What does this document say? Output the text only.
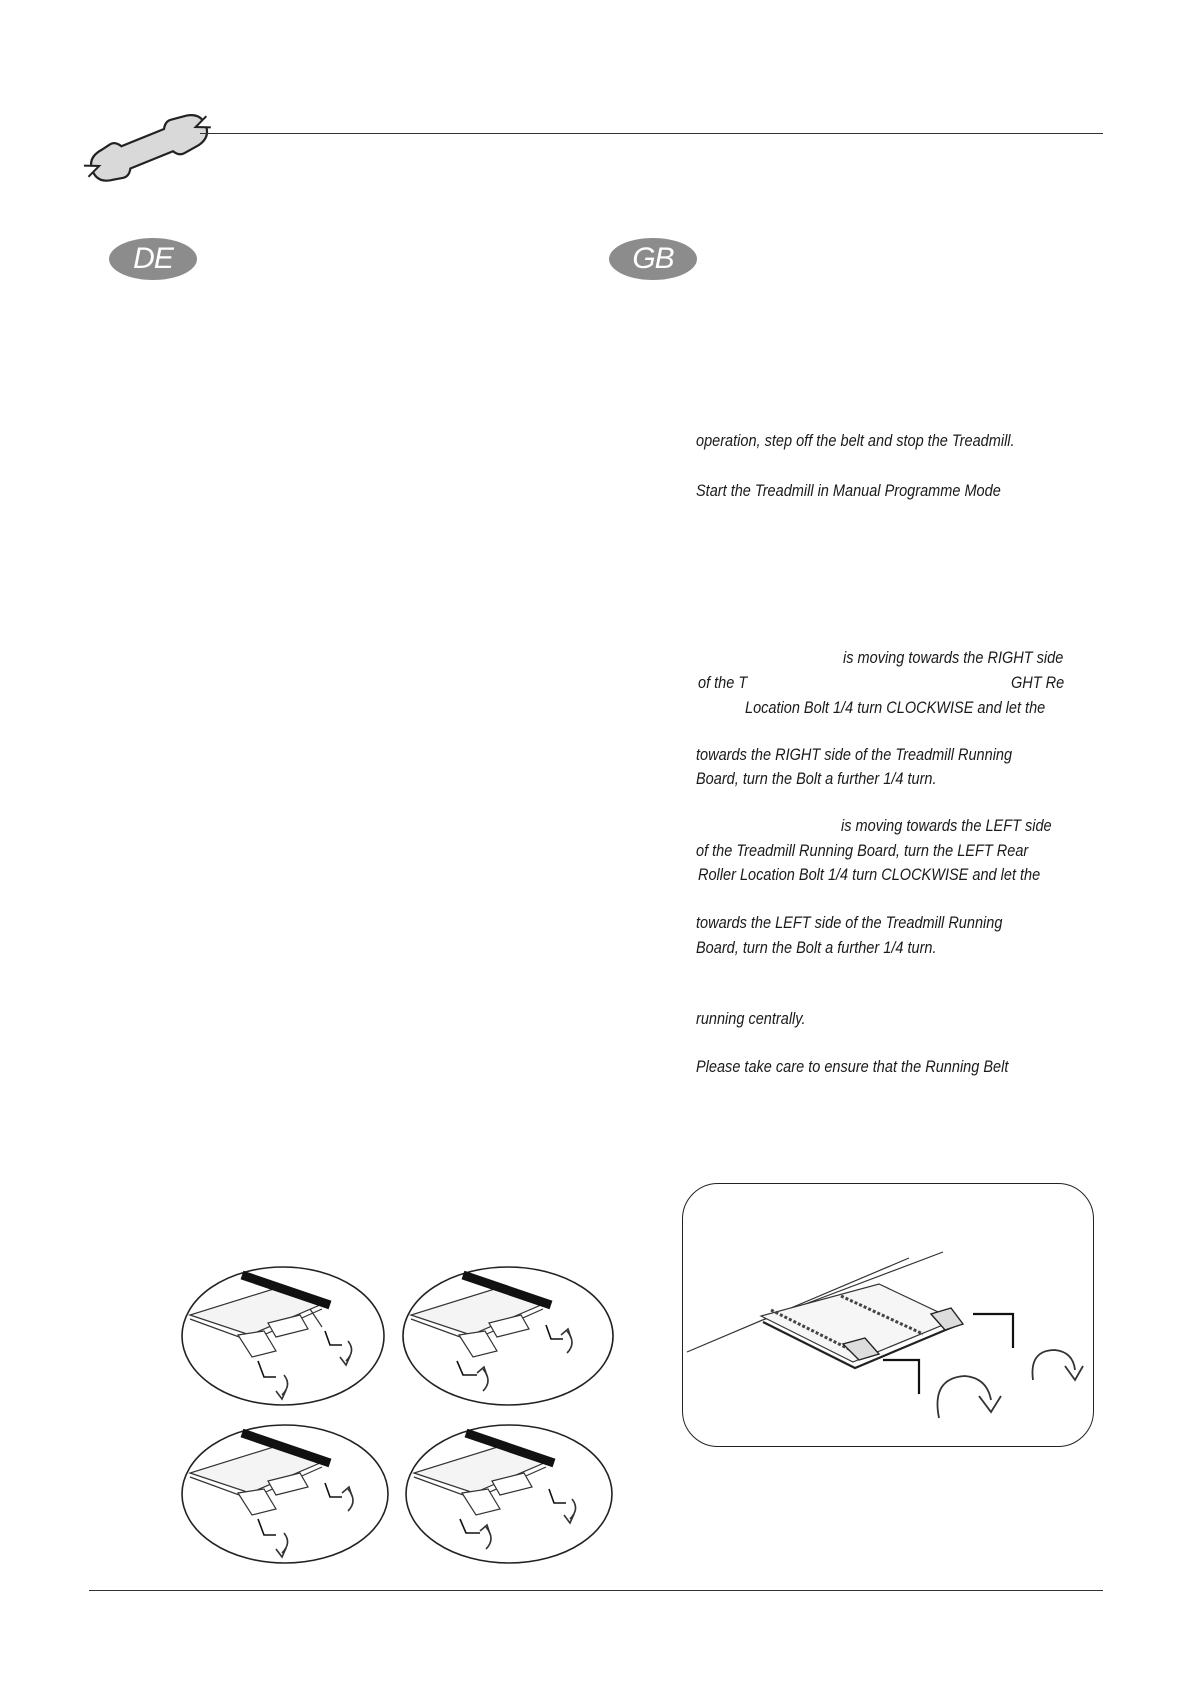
DE	GB
operation, step off the belt and stop the Treadmill.
Start the Treadmill in Manual Programme Mode
is moving towards the RIGHT side
of the T	GHT Re
Location Bolt 1/4 turn CLOCKWISE and let the
towards the RIGHT side of the Treadmill Running
Board, turn the Bolt a further 1/4 turn.
is moving towards the LEFT side
of the Treadmill Running Board, turn the LEFT Rear
Roller Location Bolt 1/4 turn CLOCKWISE and let the
towards the LEFT side of the Treadmill Running
Board, turn the Bolt a further 1/4 turn.
running centrally.
Please take care to ensure that the Running Belt
